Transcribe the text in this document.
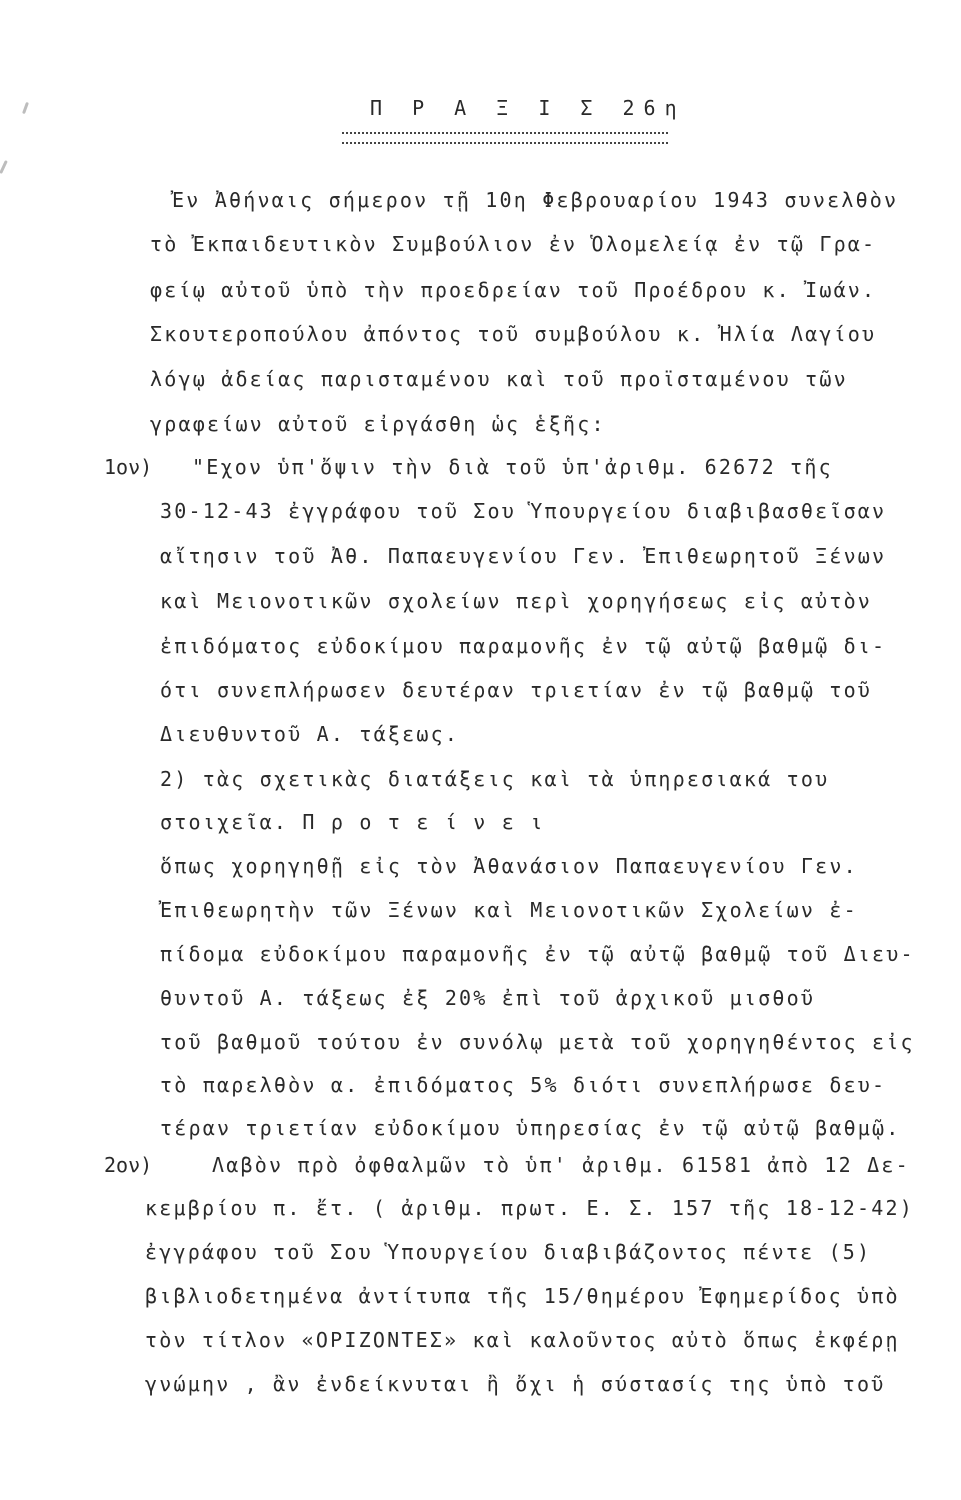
Π Ρ Α Ξ Ι Σ 26η
1ον)
2ον)
Ἐν Ἀθήναις σήμερον τῇ 10η Φεβρουαρίου 1943 συνελθὸν
τὸ Ἐκπαιδευτικὸν Συμβούλιον ἐν Ὁλομελείᾳ ἐν τῷ Γρα-
φείῳ αὐτοῦ ὑπὸ τὴν προεδρείαν τοῦ Προέδρου κ. Ἰωάν.
Σκουτεροπούλου ἀπόντος τοῦ συμβούλου κ. Ἠλία Λαγίου
λόγῳ ἀδείας παρισταμένου καὶ τοῦ προϊσταμένου τῶν
γραφείων αὐτοῦ εἰργάσθη ὡς ἑξῆς:
"Εχον ὑπ'ὄψιν τὴν διὰ τοῦ ὑπ'ἀριθμ. 62672 τῆς
30-12-43 ἐγγράφου τοῦ Σου Ὑπουργείου διαβιβασθεῖσαν
αἴτησιν τοῦ Ἀθ. Παπαευγενίου Γεν. Ἐπιθεωρητοῦ Ξένων
καὶ Μειονοτικῶν σχολείων περὶ χορηγήσεως εἰς αὐτὸν
ἐπιδόματος εὐδοκίμου παραμονῆς ἐν τῷ αὐτῷ βαθμῷ δι-
ότι συνεπλήρωσεν δευτέραν τριετίαν ἐν τῷ βαθμῷ τοῦ
Διευθυντοῦ Α. τάξεως.
2) τὰς σχετικὰς διατάξεις καὶ τὰ ὑπηρεσιακά του
στοιχεῖα. Π ρ ο τ ε ί ν ε ι
ὅπως χορηγηθῇ εἰς τὸν Ἀθανάσιον Παπαευγενίου Γεν.
Ἐπιθεωρητὴν τῶν Ξένων καὶ Μειονοτικῶν Σχολείων ἐ-
πίδομα εὐδοκίμου παραμονῆς ἐν τῷ αὐτῷ βαθμῷ τοῦ Διευ-
θυντοῦ Α. τάξεως ἐξ 20% ἐπὶ τοῦ ἀρχικοῦ μισθοῦ
τοῦ βαθμοῦ τούτου ἐν συνόλῳ μετὰ τοῦ χορηγηθέντος εἰς
τὸ παρελθὸν α. ἐπιδόματος 5% διότι συνεπλήρωσε δευ-
τέραν τριετίαν εὐδοκίμου ὑπηρεσίας ἐν τῷ αὐτῷ βαθμῷ.
Λαβὸν πρὸ ὀφθαλμῶν τὸ ὑπ' ἀριθμ. 61581 ἀπὸ 12 Δε-
κεμβρίου π. ἔτ. ( ἀριθμ. πρωτ. Ε. Σ. 157 τῆς 18-12-42)
ἐγγράφου τοῦ Σου Ὑπουργείου διαβιβάζοντος πέντε (5)
βιβλιοδετημένα ἀντίτυπα τῆς 15/θημέρου Ἐφημερίδος ὑπὸ
τὸν τίτλον «ΟΡΙΖΟΝΤΕΣ» καὶ καλοῦντος αὐτὸ ὅπως ἐκφέρῃ
γνώμην , ἂν ἐνδείκνυται ἢ ὄχι ἡ σύστασίς της ὑπὸ τοῦ
